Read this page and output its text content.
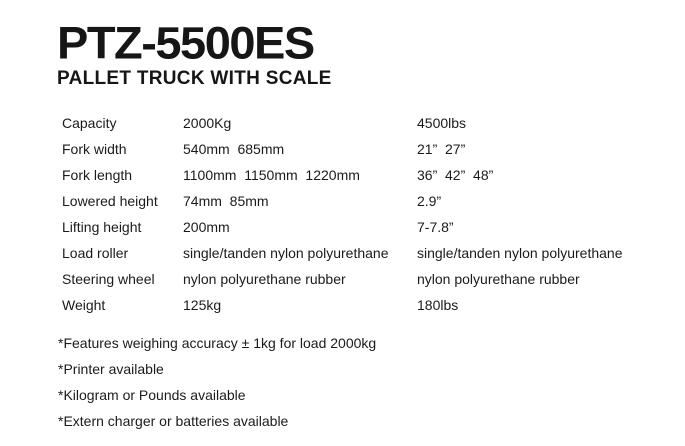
PTZ-5500ES
PALLET TRUCK WITH SCALE
Capacity	2000Kg	4500lbs
Fork width	540mm  685mm	21”  27”
Fork length	1100mm  1150mm  1220mm	36”  42”  48”
Lowered height	74mm  85mm	2.9”
Lifting height	200mm	7-7.8”
Load roller	single/tanden nylon polyurethane	single/tanden nylon polyurethane
Steering wheel	nylon polyurethane rubber	nylon polyurethane rubber
Weight	125kg	180lbs
*Features weighing accuracy ± 1kg for load 2000kg
*Printer available
*Kilogram or Pounds available
*Extern charger or batteries available
